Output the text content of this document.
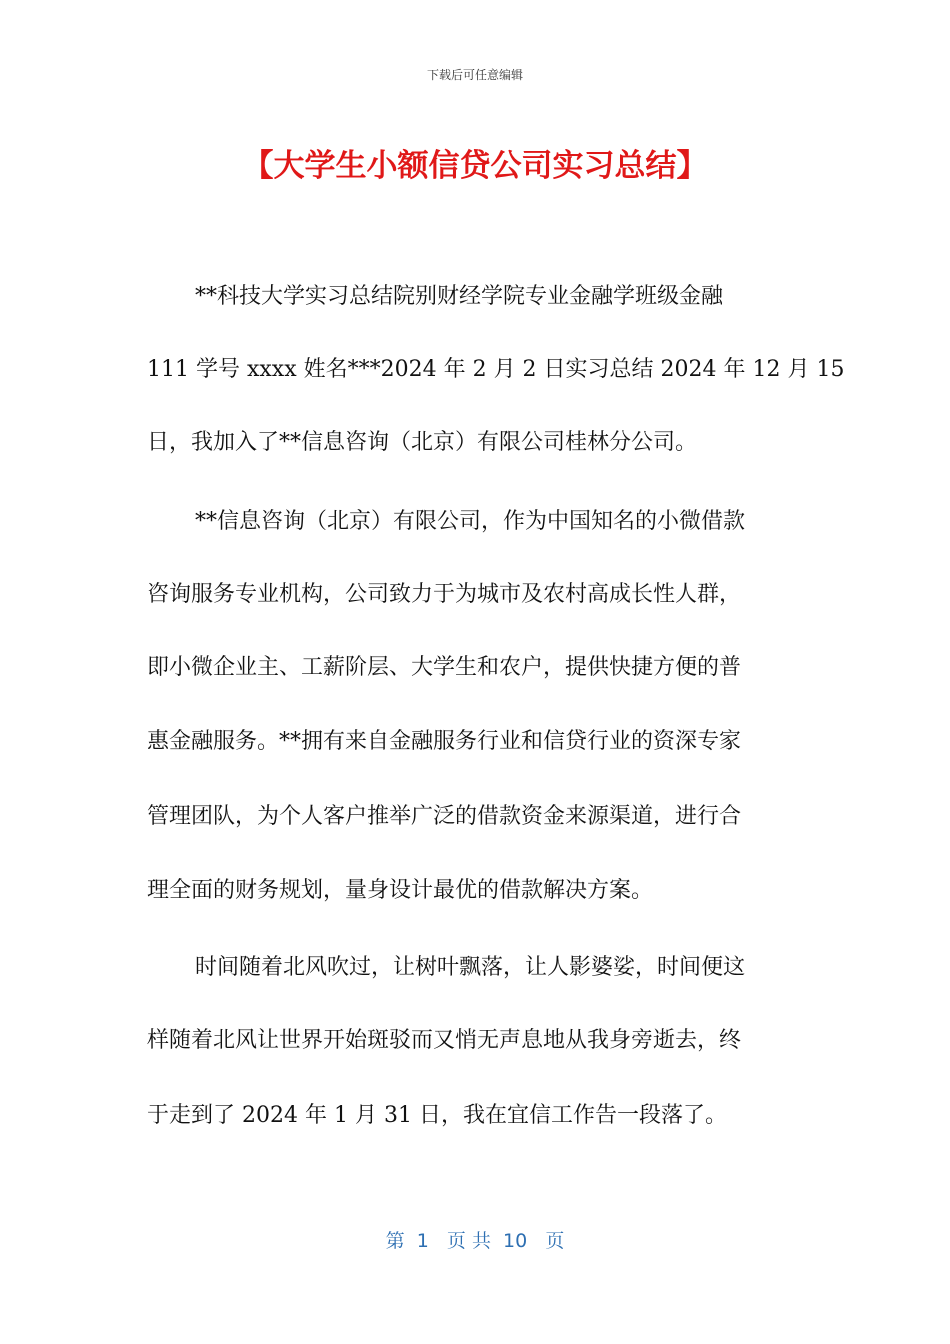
下载后可任意编辑
【大学生小额信贷公司实习总结】
**科技大学实习总结院别财经学院专业金融学班级金融
111 学号 xxxx 姓名***2024 年 2 月 2 日实习总结 2024 年 12 月 15
日，我加入了**信息咨询（北京）有限公司桂林分公司。
**信息咨询（北京）有限公司，作为中国知名的小微借款
咨询服务专业机构，公司致力于为城市及农村高成长性人群，
即小微企业主、工薪阶层、大学生和农户，提供快捷方便的普
惠金融服务。**拥有来自金融服务行业和信贷行业的资深专家
管理团队，为个人客户推举广泛的借款资金来源渠道，进行合
理全面的财务规划，量身设计最优的借款解决方案。
时间随着北风吹过，让树叶飘落，让人影婆娑，时间便这
样随着北风让世界开始斑驳而又悄无声息地从我身旁逝去，终
于走到了 2024 年 1 月 31 日，我在宜信工作告一段落了。
第  1   页 共  10   页
